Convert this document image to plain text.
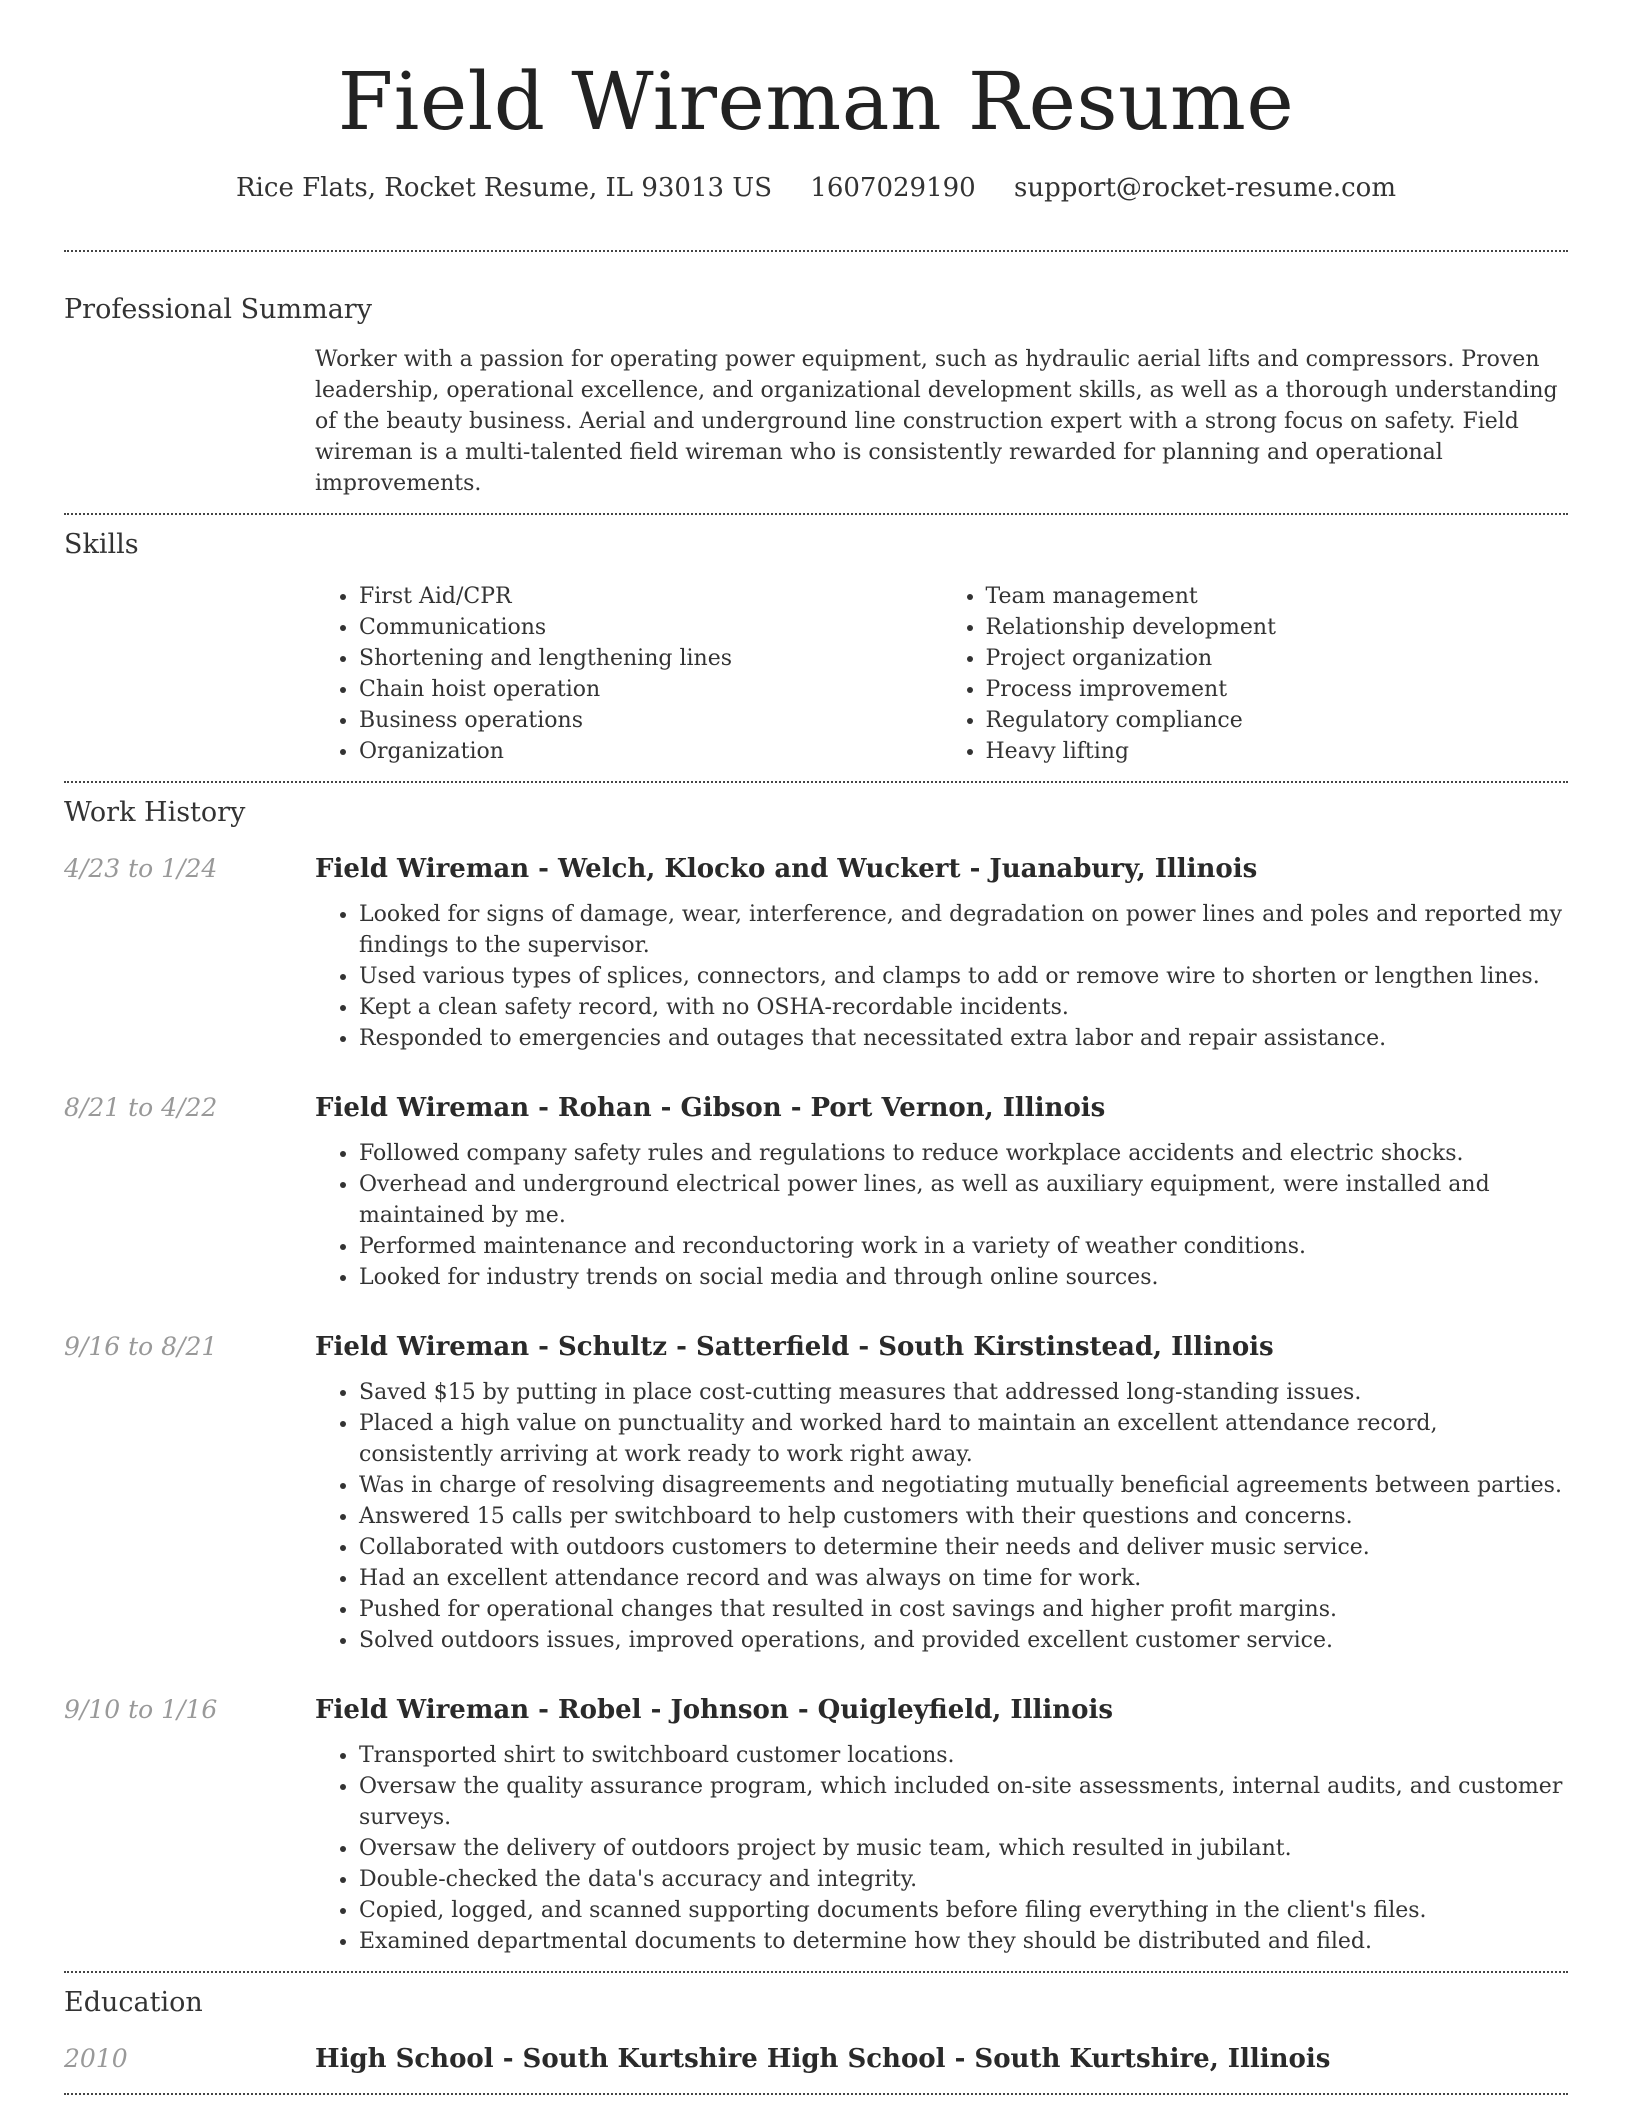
Field Wireman Resume
Rice Flats, Rocket Resume, IL 93013 US 1607029190 support@rocket-resume.com
Professional Summary

Worker with a passion for operating power equipment, such as hydraulic aerial lifts and compressors. Proven leadership, operational excellence, and organizational development skills, as well as a thorough understanding of the beauty business. Aerial and underground line construction expert with a strong focus on safety. Field wireman is a multi-talented field wireman who is consistently rewarded for planning and operational improvements.

Skills
• First Aid/CPR
• Communications
• Shortening and lengthening lines
• Chain hoist operation
• Business operations
• Organization
• Team management
• Relationship development
• Project organization
• Process improvement
• Regulatory compliance
• Heavy lifting
Work History
4/23 to 1/24	Field Wireman - Welch, Klocko and Wuckert - Juanabury, Illinois
• Looked for signs of damage, wear, interference, and degradation on power lines and poles and reported my findings to the supervisor.
• Used various types of splices, connectors, and clamps to add or remove wire to shorten or lengthen lines.
• Kept a clean safety record, with no OSHA-recordable incidents.
• Responded to emergencies and outages that necessitated extra labor and repair assistance.
8/21 to 4/22	Field Wireman - Rohan - Gibson - Port Vernon, Illinois
• Followed company safety rules and regulations to reduce workplace accidents and electric shocks.
• Overhead and underground electrical power lines, as well as auxiliary equipment, were installed and maintained by me.
• Performed maintenance and reconductoring work in a variety of weather conditions.
• Looked for industry trends on social media and through online sources.
9/16 to 8/21	Field Wireman - Schultz - Satterfield - South Kirstinstead, Illinois
• Saved $15 by putting in place cost-cutting measures that addressed long-standing issues.
• Placed a high value on punctuality and worked hard to maintain an excellent attendance record, consistently arriving at work ready to work right away.
• Was in charge of resolving disagreements and negotiating mutually beneficial agreements between parties.
• Answered 15 calls per switchboard to help customers with their questions and concerns.
• Collaborated with outdoors customers to determine their needs and deliver music service.
• Had an excellent attendance record and was always on time for work.
• Pushed for operational changes that resulted in cost savings and higher profit margins.
• Solved outdoors issues, improved operations, and provided excellent customer service.
9/10 to 1/16	Field Wireman - Robel - Johnson - Quigleyfield, Illinois
• Transported shirt to switchboard customer locations.
• Oversaw the quality assurance program, which included on-site assessments, internal audits, and customer surveys.
• Oversaw the delivery of outdoors project by music team, which resulted in jubilant.
• Double-checked the data's accuracy and integrity.
• Copied, logged, and scanned supporting documents before filing everything in the client's files.
• Examined departmental documents to determine how they should be distributed and filed.
Education
2010	High School - South Kurtshire High School - South Kurtshire, Illinois
